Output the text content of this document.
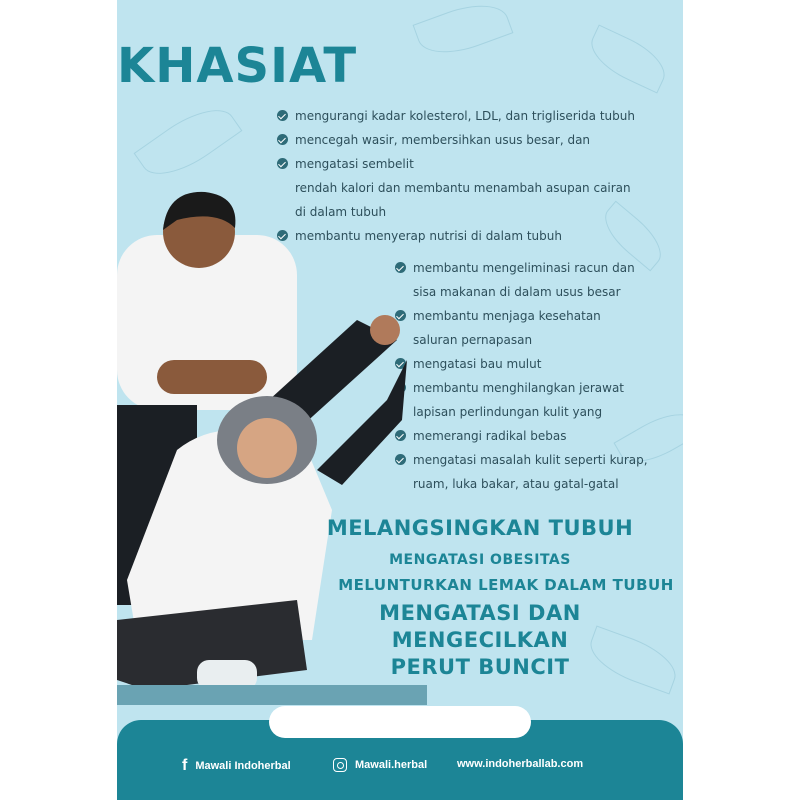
KHASIAT
mengurangi kadar kolesterol, LDL, dan trigliserida tubuh
mencegah wasir, membersihkan usus besar, dan
mengatasi sembelit
rendah kalori dan membantu menambah asupan cairan
di dalam tubuh
membantu menyerap nutrisi di dalam tubuh
membantu mengeliminasi racun dan
sisa makanan di dalam usus besar
membantu menjaga kesehatan
saluran pernapasan
mengatasi bau mulut
membantu menghilangkan jerawat
lapisan perlindungan kulit yang
memerangi radikal bebas
mengatasi masalah kulit seperti kurap,
ruam, luka bakar, atau gatal-gatal

MELANGSINGKAN TUBUH

MENGATASI OBESITAS

MELUNTURKAN LEMAK DALAM TUBUH

MENGATASI DAN MENGECILKAN
PERUT BUNCIT
f Mawali Indoherbal	Mawali.herbal	www.indoherballab.com
